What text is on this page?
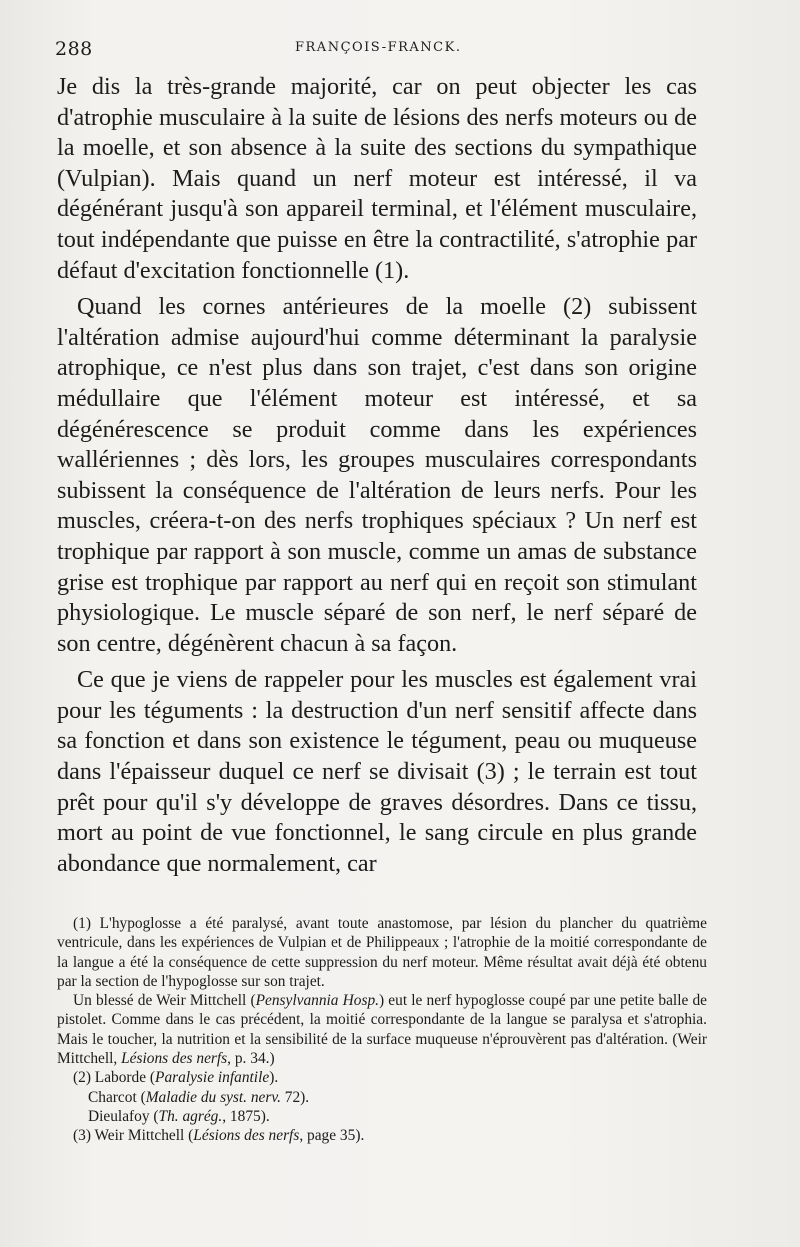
288	FRANÇOIS-FRANCK.

Je dis la très-grande majorité, car on peut objecter les cas d'atrophie musculaire à la suite de lésions des nerfs moteurs ou de la moelle, et son absence à la suite des sections du sympathique (Vulpian). Mais quand un nerf moteur est intéressé, il va dégénérant jusqu'à son appareil terminal, et l'élément musculaire, tout indépendante que puisse en être la contractilité, s'atrophie par défaut d'excitation fonctionnelle (1).

Quand les cornes antérieures de la moelle (2) subissent l'altération admise aujourd'hui comme déterminant la paralysie atrophique, ce n'est plus dans son trajet, c'est dans son origine médullaire que l'élément moteur est intéressé, et sa dégénérescence se produit comme dans les expériences wallériennes ; dès lors, les groupes musculaires correspondants subissent la conséquence de l'altération de leurs nerfs. Pour les muscles, créera-t-on des nerfs trophiques spéciaux ? Un nerf est trophique par rapport à son muscle, comme un amas de substance grise est trophique par rapport au nerf qui en reçoit son stimulant physiologique. Le muscle séparé de son nerf, le nerf séparé de son centre, dégénèrent chacun à sa façon.

Ce que je viens de rappeler pour les muscles est également vrai pour les téguments : la destruction d'un nerf sensitif affecte dans sa fonction et dans son existence le tégument, peau ou muqueuse dans l'épaisseur duquel ce nerf se divisait (3) ; le terrain est tout prêt pour qu'il s'y développe de graves désordres. Dans ce tissu, mort au point de vue fonctionnel, le sang circule en plus grande abondance que normalement, car

(1) L'hypoglosse a été paralysé, avant toute anastomose, par lésion du plancher du quatrième ventricule, dans les expériences de Vulpian et de Philippeaux ; l'atrophie de la moitié correspondante de la langue a été la conséquence de cette suppression du nerf moteur. Même résultat avait déjà été obtenu par la section de l'hypoglosse sur son trajet.

Un blessé de Weir Mittchell (Pensylvannia Hosp.) eut le nerf hypoglosse coupé par une petite balle de pistolet. Comme dans le cas précédent, la moitié correspondante de la langue se paralysa et s'atrophia. Mais le toucher, la nutrition et la sensibilité de la surface muqueuse n'éprouvèrent pas d'altération. (Weir Mittchell, Lésions des nerfs, p. 34.)

(2) Laborde (Paralysie infantile).

Charcot (Maladie du syst. nerv. 72).

Dieulafoy (Th. agrég., 1875).

(3) Weir Mittchell (Lésions des nerfs, page 35).
